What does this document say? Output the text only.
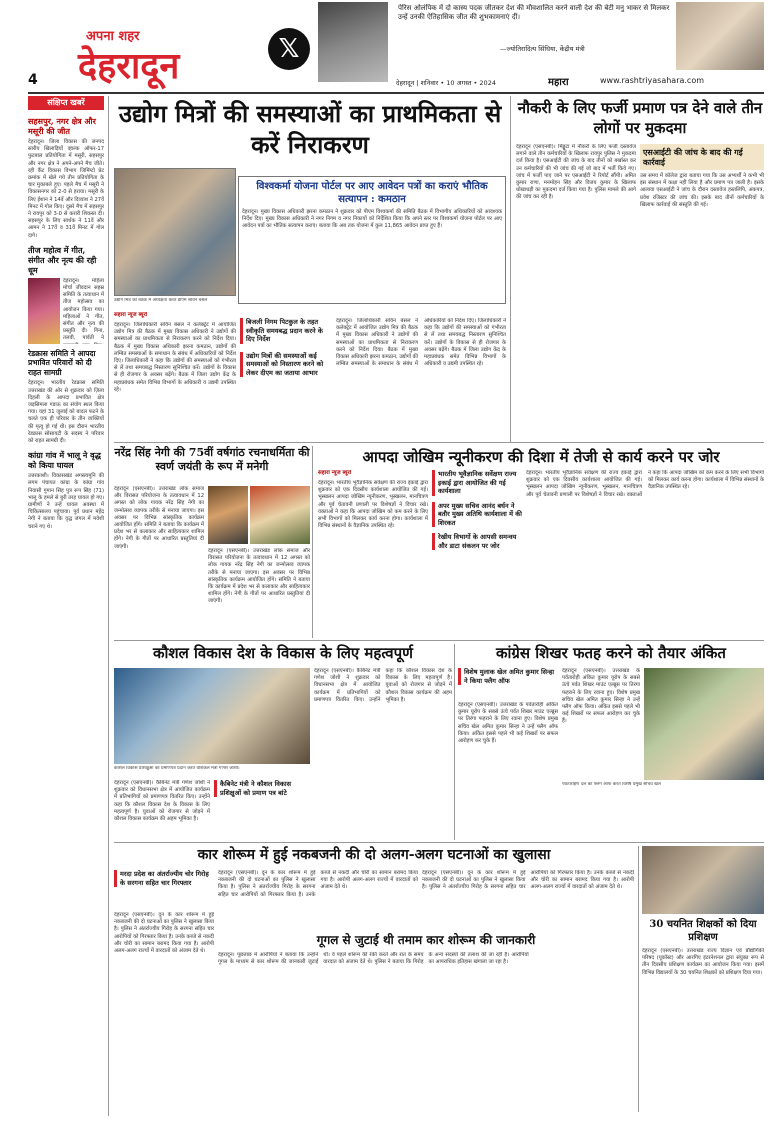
4
अपना शहर
देहरादून	𝕏
पेरिस ओलंपिक में दो कास्य पदक जीतकर देश की मौवशालित करने वाली देश की बेटी मनु भाकर से मिलकर उन्हें उनकी ऐतिहासिक जीत की शुभकामनाएं दीं।
—ज्योतिरादित्य सिंधिया, केंद्रीय मंत्री
देहरादून | शनिवार • 10 अगस्त • 2024	महारा	www.rashtriyasahara.com
संक्षिप्त खबरें
सहसपुर, नगर क्षेत्र और मसूरी की जीत
देहरादून। जिला विकास की जनपद स्तरीय खिलाड़ियों व्हाल्क ऑफर-17 फुटबाल प्रतियोगिता में मसूरी, सहसपुर और नगर क्षेत्र ने अपने-अपने मैच जीते। रही कैंट विकास विभाग जिमिंग्टो प्रेट क्रमांक में खेले गये तीन प्रतियोगिता के चार मुकाबले हुए। पहले मैच में मसूरी ने विकासनगर को 2-0 से हराया। मसूरी के लिए ईशान ने 14वें और दिव्यांश ने 27वें मिनट में गोल किए। दूसरे मैच में सहसपुर ने रायपुर को 3-0 से करारी शिकस्त दी। सहसपुर के लिए सार्थक ने 11वें और आमन ने 17वें व 31वें मिनट में गोल दागे।
तीज महोत्व में गीत, संगीत और नृत्य की रही धूम
देहरादून। महिला मोर्चा जीवदान सहस्र समिति के तत्वाधान में तीज महोत्सव का आयोजन किया गया। महिलाओं ने गीत, संगीत और नृत्य की प्रस्तुति दी। गिना, तलवी, पार्वती ने
रेडक्रास समिति ने आपदा प्रभावित परिवारों को दी राहत सामग्री
देहरादून। भारतीय रेडक्रास समिति उत्तराखंड की ओर से शुक्रवार को ज़िला दिहली के आपदा प्रभावित क्षेत्र जड़सिमला गडाऊ का संयोग स्थल किया गया। यहां 31 जुलाई को बादल फटने के चलते एक ही परिवार के तीन व्यक्तियों की मृत्यु हो गई थी। इस दौरान भारतीय रेडक्रास सोसायटी के सदस्य ने परिवार को राहत सामग्री दी।
कांग्रा गांव में भालू ने वृद्ध को किया घायल
उत्तरकाशी। विकासखंड अगस्त्यमुनि की लगम पंचायत कांग्रा के कांग्रा गांव निवासी गुमान सिंह पुत्र रूप सिंह (71) भालू के हमले से बुरी तरह घायल हो गए। ग्रामीणों ने उन्हें घायल अवस्था में चिकित्सालय पहुंचाया। पूर्व प्रधान महेंद्र नेगी ने बताया कि वृद्ध जंगल में मवेशी चराने गए थे।
उद्योग मित्रों की समस्याओं का प्राथमिकता से करें निराकरण
उद्योग मित्र की बैठक में अध्यक्षता करते डीएम सविन बंसल
विश्वकर्मा योजना पोर्टल पर आए आवेदन पत्रों का कराएं भौतिक सत्यापन : कमठान
देहरादून। मुख्य विकास अधिकारी झरना कमठान ने शुक्रवार को पीएम विश्वकर्मा की समिति बैठक में विभागीय अधिकारियों को आवश्यक निर्देश दिए। मुख्य विकास अधिकारी ने नगर निगम व नगर निकायों को निर्देशित किया कि अपने स्तर पर विश्वकर्मा योजना पोर्टल पर आए आवेदन पत्रों का भौतिक सत्यापन कराएं। बताया कि अब तक योजना में कुल 11,865 आवेदन प्राप्त हुए हैं।
सहारा न्यूज ब्यूरो
देहरादून। जिलाधिकारी सविन बंसल ने कलेक्ट्रेट में आयोजित उद्योग मित्र की बैठक में मुख्य विकास अधिकारी ने उद्योगों की समस्याओं का प्राथमिकता से निराकरण करने को निर्देश दिया। बैठक में मुख्य विकास अधिकारी झरना कमठान, उद्योगों की लम्बित समस्याओं के समाधान के संबंध में अधिकारियों को निर्देश दिए। जिलाधिकारी ने कहा कि उद्योगों की समस्याओं को गंभीरता से लें तथा समयबद्ध निस्तारण सुनिश्चित करें। उद्योगों के विकास से ही रोजगार के अवसर बढ़ेंगे। बैठक में जिला उद्योग केंद्र के महाप्रबंधक समेत विभिन्न विभागों के अधिकारी व उद्यमी उपस्थित रहे।
बिजली निगम पिटकुल के तहत स्वीकृति समयबद्ध प्रदान करने के दिए निर्देश
उद्योग मित्रों की समस्याओं कई समस्याओं को निस्तारण करने को लेकर दीएम का जताया आभार
देहरादून। जिलाधिकारी सविन बंसल ने कलेक्ट्रेट में आयोजित उद्योग मित्र की बैठक में मुख्य विकास अधिकारी ने उद्योगों की समस्याओं का प्राथमिकता से निराकरण करने को निर्देश दिया। बैठक में मुख्य विकास अधिकारी झरना कमठान, उद्योगों की लम्बित समस्याओं के समाधान के संबंध में अधिकारियों को निर्देश दिए। जिलाधिकारी ने कहा कि उद्योगों की समस्याओं को गंभीरता से लें तथा समयबद्ध निस्तारण सुनिश्चित करें। उद्योगों के विकास से ही रोजगार के अवसर बढ़ेंगे। बैठक में जिला उद्योग केंद्र के महाप्रबंधक समेत विभिन्न विभागों के अधिकारी व उद्यमी उपस्थित रहे।
नौकरी के लिए फर्जी प्रमाण पत्र देने वाले तीन लोगों पर मुकदमा
देहरादून (एसएनबी)। मिड्ढूटा में नौकरी के लिए फर्जी दस्तावेज लगाने वाले तीन कर्मचारियों के खिलाफ रायपुर पुलिस ने मुकदमा दर्ज किया है। एसआईटी की जांच के बाद तीनों को बर्खास्त कर उन कर्मचारियों की भी जांच की गई जो बाद में भर्ती किये गए। जांच में फर्जी पाए जाने पर एसआईटी ने रिपोर्ट सौंपी। अमित कुमार राणा, मनमोहन सिंह और विजय कुमार के खिलाफ धोखाधड़ी का मुकदमा दर्ज किया गया है। पुलिस मामले की आगे की जांच कर रही है।
एसआईटी की जांच के बाद की गई कार्रवाई
उस समय में कॉलेज द्वारा बताया गया कि उस अभ्यर्थी ने कभी भी इस संस्थान में कक्षा नहीं लिया है और प्रमाण पत्र जाली है। इसके आलावा एसआईटी ने जांच के दौरान दस्तावेज हस्तलिपि, अंकपत्र, प्रवेश रजिस्टर की जांच की। इसके बाद तीनों कर्मचारियों के खिलाफ कार्रवाई की संस्तुति की गई।
नरेंद्र सिंह नेगी की 75वीं वर्षगांठ रचनाधर्मिता की स्वर्ण जयंती के रूप में मनेगी
देहरादून (एसएनबी)। उत्तराखंड लोक समाज और विरासत परियोजना के तत्वावधान में 12 अगस्त को लोक गायक नरेंद्र सिंह नेगी का जन्मोत्सव व्यापक तरीके से मनाया जाएगा। इस अवसर पर विभिन्न सांस्कृतिक कार्यक्रम आयोजित होंगे। समिति ने बताया कि कार्यक्रम में प्रदेश भर से कलाकार और साहित्यकार शामिल होंगे। नेगी के गीतों पर आधारित प्रस्तुतियां दी जाएंगी।
देहरादून (एसएनबी)। उत्तराखंड लोक समाज और विरासत परियोजना के तत्वावधान में 12 अगस्त को लोक गायक नरेंद्र सिंह नेगी का जन्मोत्सव व्यापक तरीके से मनाया जाएगा। इस अवसर पर विभिन्न सांस्कृतिक कार्यक्रम आयोजित होंगे। समिति ने बताया कि कार्यक्रम में प्रदेश भर से कलाकार और साहित्यकार शामिल होंगे। नेगी के गीतों पर आधारित प्रस्तुतियां दी जाएंगी।
आपदा जोखिम न्यूनीकरण की दिशा में तेजी से कार्य करने पर जोर
सहारा न्यूज ब्यूरो
देहरादून। भारतीय भूवैज्ञानिक सर्वेक्षण की राज्य इकाई द्वारा शुक्रवार को एक दिवसीय कार्यशाला आयोजित की गई। भूस्खलन आपदा जोखिम न्यूनीकरण, भूस्खलन, मानचित्रण और पूर्व चेतावनी प्रणाली पर विशेषज्ञों ने विचार रखे। वक्ताओं ने कहा कि आपदा जोखिम को कम करने के लिए सभी विभागों को मिलकर कार्य करना होगा। कार्यशाला में विभिन्न संस्थानों के वैज्ञानिक उपस्थित रहे।
भारतीय भूवैज्ञानिक सर्वेक्षण राज्य इकाई द्वारा आयोजित की गई कार्यशाला
अपर मुख्य सचिव आनंद बर्धन ने बतौर मुख्य अतिथि कार्यशाला में की शिरकत
रेखीय विभागों के आपसी समन्वय और डाटा संकलन पर जोर
देहरादून। भारतीय भूवैज्ञानिक सर्वेक्षण की राज्य इकाई द्वारा शुक्रवार को एक दिवसीय कार्यशाला आयोजित की गई। भूस्खलन आपदा जोखिम न्यूनीकरण, भूस्खलन, मानचित्रण और पूर्व चेतावनी प्रणाली पर विशेषज्ञों ने विचार रखे। वक्ताओं ने कहा कि आपदा जोखिम को कम करने के लिए सभी विभागों को मिलकर कार्य करना होगा। कार्यशाला में विभिन्न संस्थानों के वैज्ञानिक उपस्थित रहे।
कौशल विकास देश के विकास के लिए महत्वपूर्ण
कौशल विकास प्रशिक्षुओं को प्रमाणपत्र प्रदान करते वैशिकेल मंत्री गणेश जोशी।
देहरादून (एसएनबी)। कैबिनेट मंत्री गणेश जोशी ने शुक्रवार को विधानसभा क्षेत्र में आयोजित कार्यक्रम में प्रतिभागियों को प्रमाणपत्र वितरित किए। उन्होंने कहा कि कौशल विकास देश के विकास के लिए महत्वपूर्ण है। युवाओं को रोजगार से जोड़ने में कौशल विकास कार्यक्रम की अहम भूमिका है।
कैबिनेट मंत्री ने कौशल विकास प्रशिक्षुओं को प्रमाण पत्र बांटे
देहरादून (एसएनबी)। कैबिनेट मंत्री गणेश जोशी ने शुक्रवार को विधानसभा क्षेत्र में आयोजित कार्यक्रम में प्रतिभागियों को प्रमाणपत्र वितरित किए। उन्होंने कहा कि कौशल विकास देश के विकास के लिए महत्वपूर्ण है। युवाओं को रोजगार से जोड़ने में कौशल विकास कार्यक्रम की अहम भूमिका है।
कांग्रेस शिखर फतह करने को तैयार अंकित
विशेष मुलाक खेल अमित कुमार सिन्हा ने किया फ्लैग ऑफ
देहरादून (एसएनबी)। उत्तराखंड के पर्वतारोही अंकित कुमार यूरोप के सबसे ऊंचे पर्वत शिखर माउंट एल्ब्रुस पर तिरंगा फहराने के लिए रवाना हुए। विशेष प्रमुख सचिव खेल अमित कुमार सिन्हा ने उन्हें फ्लैग ऑफ किया। अंकित इससे पहले भी कई शिखरों पर सफल आरोहण कर चुके हैं।
देहरादून (एसएनबी)। उत्तराखंड के पर्वतारोही अंकित कुमार यूरोप के सबसे ऊंचे पर्वत शिखर माउंट एल्ब्रुस पर तिरंगा फहराने के लिए रवाना हुए। विशेष प्रमुख सचिव खेल अमित कुमार सिन्हा ने उन्हें फ्लैग ऑफ किया। अंकित इससे पहले भी कई शिखरों पर सफल आरोहण कर चुके हैं।
पर्वतारोहण दल को फ्लैग ऑफ करते विशेष प्रमुख सचिव खेल
कार शोरूम में हुई नकबजनी की दो अलग-अलग घटनाओं का खुलासा
मरदा प्रदेश का अंतर्राज्यीय चोर गिरोह के सरगना सहित चार गिरफ्तार
देहरादून (एसएनबी)। दून के कार शोरूम में हुई नकबजनी की दो घटनाओं का पुलिस ने खुलासा किया है। पुलिस ने अंतर्राज्यीय गिरोह के सरगना सहित चार आरोपियों को गिरफ्तार किया है। उनके कब्जे से नकदी और चोरी का सामान बरामद किया गया है। आरोपी अलग-अलग राज्यों में वारदातों को अंजाम देते थे।
देहरादून (एसएनबी)। दून के कार शोरूम में हुई नकबजनी की दो घटनाओं का पुलिस ने खुलासा किया है। पुलिस ने अंतर्राज्यीय गिरोह के सरगना सहित चार आरोपियों को गिरफ्तार किया है। उनके कब्जे से नकदी और चोरी का सामान बरामद किया गया है। आरोपी अलग-अलग राज्यों में वारदातों को अंजाम देते थे।
देहरादून (एसएनबी)। दून के कार शोरूम में हुई नकबजनी की दो घटनाओं का पुलिस ने खुलासा किया है। पुलिस ने अंतर्राज्यीय गिरोह के सरगना सहित चार आरोपियों को गिरफ्तार किया है। उनके कब्जे से नकदी और चोरी का सामान बरामद किया गया है। आरोपी अलग-अलग राज्यों में वारदातों को अंजाम देते थे।
गूगल से जुटाई थी तमाम कार शोरूम की जानकारी
देहरादून। पूछताछ में आरोपियों ने बताया कि उन्होंने गूगल के माध्यम से कार शोरूम की जानकारी जुटाई थी। वे पहले शोरूम की रेकी करते और रात के समय वारदात को अंजाम देते थे। पुलिस ने बताया कि गिरोह के अन्य सदस्यों की तलाश की जा रही है। आरोपियों का आपराधिक इतिहास खंगाला जा रहा है।
30 चयनित शिक्षकों को दिया प्रशिक्षण
देहरादून (एसएनबी)। उत्तराखंड राज्य विज्ञान एवं प्रौद्योगिकी परिषद (यूकॉस्ट) और आरगिए इंटरनेशनल द्वारा संयुक्त रूप से तीन दिवसीय प्रशिक्षण कार्यक्रम का आयोजन किया गया। इसमें विभिन्न विद्यालयों के 30 चयनित शिक्षकों को प्रशिक्षण दिया गया।
